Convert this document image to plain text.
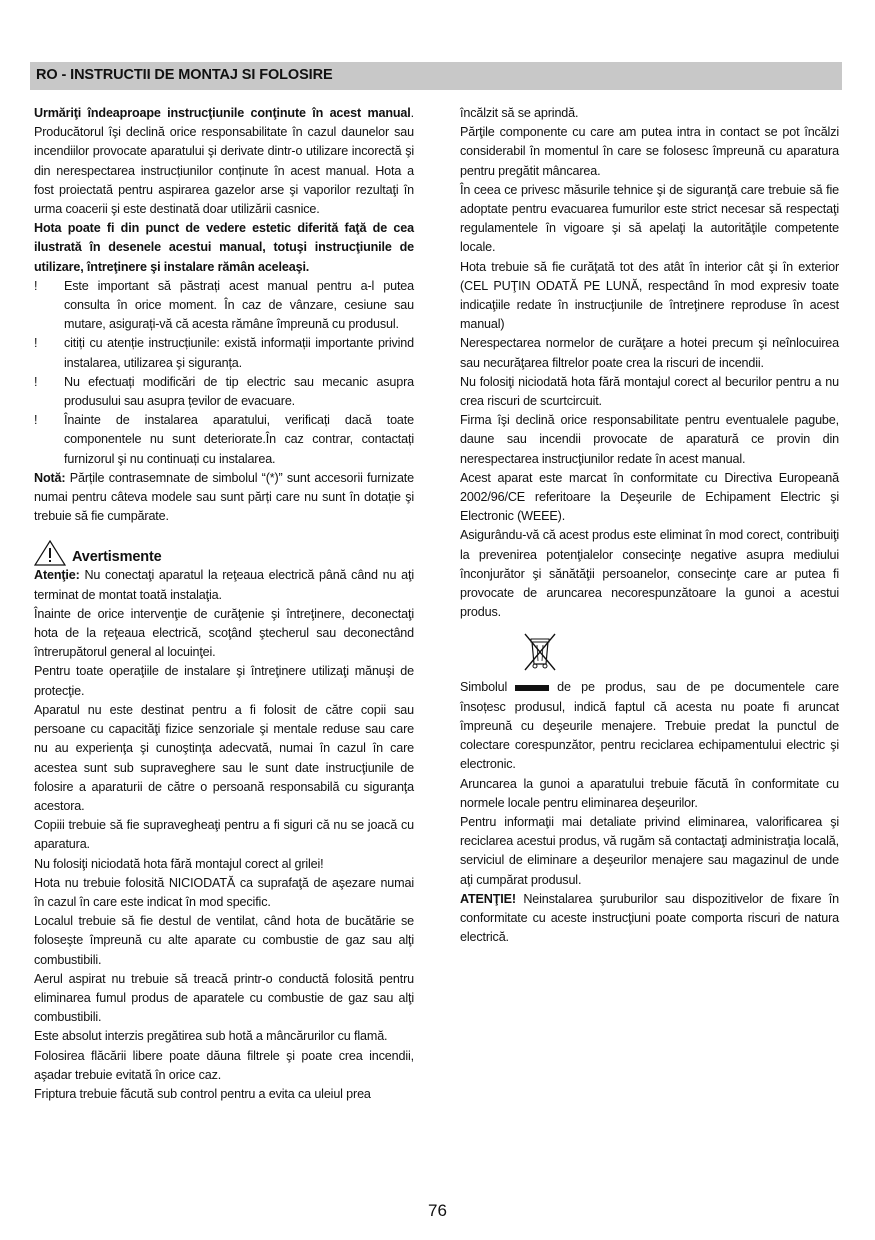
RO - INSTRUCTII DE MONTAJ SI FOLOSIRE

Urmăriţi îndeaproape instrucţiunile conţinute în acest manual. Producătorul îşi declină orice responsabilitate în cazul daunelor sau incendiilor provocate aparatului şi derivate dintr-o utilizare incorectă şi din nerespectarea instrucțiunilor conținute în acest manual. Hota a fost proiectată pentru aspirarea gazelor arse şi vaporilor rezultaţi în urma coacerii şi este destinată doar utilizării casnice.

Hota poate fi din punct de vedere estetic diferită faţă de cea ilustrată în desenele acestui manual, totuşi instrucţiunile de utilizare, întreţinere şi instalare rămân aceleaşi.

!	Este important să păstrați acest manual pentru a-l putea consulta în orice moment. În caz de vânzare, cesiune sau mutare, asigurați-vă că acesta rămâne împreună cu produsul.
!	citiți cu atenție instrucțiunile: există informații importante privind instalarea, utilizarea şi siguranța.
!	Nu efectuați modificări de tip electric sau mecanic asupra produsului sau asupra țevilor de evacuare.
!	Înainte de instalarea aparatului, verificați dacă toate componentele nu sunt deteriorate.În caz contrar, contactați furnizorul şi nu continuați cu instalarea.

Notă: Părțile contrasemnate de simbolul “(*)” sunt accesorii furnizate numai pentru câteva modele sau sunt părți care nu sunt în dotație şi trebuie să fie cumpărate.

Avertismente

Atenţie: Nu conectaţi aparatul la reţeaua electrică până când nu aţi terminat de montat toată instalaţia.

Înainte de orice intervenţie de curăţenie şi întreţinere, deconectaţi hota de la reţeaua electrică, scoţând ştecherul sau deconectând întrerupătorul general al locuinţei.

Pentru toate operaţiile de instalare şi întreţinere utilizaţi mănuşi de protecţie.

Aparatul nu este destinat pentru a fi folosit de către copii sau persoane cu capacităţi fizice senzoriale şi mentale reduse sau care nu au experienţa şi cunoştinţa adecvată, numai în cazul în care acestea sunt sub supraveghere sau le sunt date instrucţiunile de folosire a aparaturii de către o persoană responsabilă cu siguranţa acestora.

Copiii trebuie să fie supravegheaţi pentru a fi siguri că nu se joacă cu aparatura.

Nu folosiţi niciodată hota fără montajul corect al grilei!

Hota nu trebuie folosită NICIODATĂ ca suprafaţă de aşezare numai în cazul în care este indicat în mod specific.

Localul trebuie să fie destul de ventilat, când hota de bucătărie se foloseşte împreună cu alte aparate cu combustie de gaz sau alţi combustibili.

Aerul aspirat nu trebuie să treacă printr-o conductă folosită pentru eliminarea fumul produs de aparatele cu combustie de gaz sau alţi combustibili.

Este absolut interzis pregătirea sub hotă a mâncărurilor cu flamă.

Folosirea flăcării libere poate dăuna filtrele şi poate crea incendii, aşadar trebuie evitată în orice caz.

Friptura trebuie făcută sub control pentru a evita ca uleiul prea

încălzit să se aprindă.

Părţile componente cu care am putea intra in contact se pot încălzi considerabil în momentul în care se folosesc împreună cu aparatura pentru pregătit mâncarea.

În ceea ce privesc măsurile tehnice şi de siguranţă care trebuie să fie adoptate pentru evacuarea fumurilor este strict necesar să respectaţi regulamentele în vigoare şi să apelaţi la autorităţile competente locale.

Hota trebuie să fie curăţată tot des atât în interior cât şi în exterior (CEL PUŢIN ODATĂ PE LUNĂ, respectând în mod expresiv toate indicaţiile redate în instrucţiunile de întreţinere reproduse în acest manual)

Nerespectarea normelor de curăţare a hotei precum şi neînlocuirea sau necurăţarea filtrelor poate crea la riscuri de incendii.

Nu folosiţi niciodată hota fără montajul corect al becurilor pentru a nu crea riscuri de scurtcircuit.

Firma îşi declină orice responsabilitate pentru eventualele pagube, daune sau incendii provocate de aparatură ce provin din nerespectarea instrucţiunilor redate în acest manual.

Acest aparat este marcat în conformitate cu Directiva Europeană 2002/96/CE referitoare la Deşeurile de Echipament Electric şi Electronic (WEEE).

Asigurându-vă că acest produs este eliminat în mod corect, contribuiţi la prevenirea potenţialelor consecinţe negative asupra mediului înconjurător şi sănătăţii persoanelor, consecinţe care ar putea fi provocate de aruncarea necorespunzătoare la gunoi a acestui produs.

Simbolul	de pe produs, sau de pe documentele care însoțesc produsul, indică faptul că acesta nu poate fi aruncat împreună cu deşeurile menajere. Trebuie predat la punctul de colectare corespunzător, pentru reciclarea echipamentului electric şi electronic.

Aruncarea la gunoi a aparatului trebuie făcută în conformitate cu normele locale pentru eliminarea deşeurilor.

Pentru informaţii mai detaliate privind eliminarea, valorificarea şi reciclarea acestui produs, vă rugăm să contactaţi administraţia locală, serviciul de eliminare a deşeurilor menajere sau magazinul de unde aţi cumpărat produsul.

ATENŢIE! Neinstalarea şuruburilor sau dispozitivelor de fixare în conformitate cu aceste instrucţiuni poate comporta riscuri de natura electrică.

76
